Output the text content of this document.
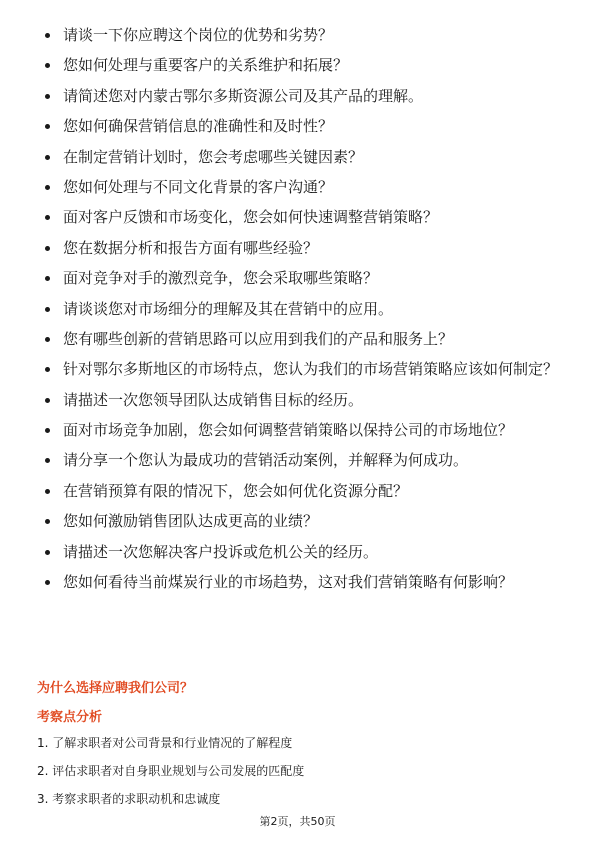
请谈一下你应聘这个岗位的优势和劣势？
您如何处理与重要客户的关系维护和拓展？
请简述您对内蒙古鄂尔多斯资源公司及其产品的理解。
您如何确保营销信息的准确性和及时性？
在制定营销计划时，您会考虑哪些关键因素？
您如何处理与不同文化背景的客户沟通？
面对客户反馈和市场变化，您会如何快速调整营销策略？
您在数据分析和报告方面有哪些经验？
面对竞争对手的激烈竞争，您会采取哪些策略？
请谈谈您对市场细分的理解及其在营销中的应用。
您有哪些创新的营销思路可以应用到我们的产品和服务上？
针对鄂尔多斯地区的市场特点，您认为我们的市场营销策略应该如何制定？
请描述一次您领导团队达成销售目标的经历。
面对市场竞争加剧，您会如何调整营销策略以保持公司的市场地位？
请分享一个您认为最成功的营销活动案例，并解释为何成功。
在营销预算有限的情况下，您会如何优化资源分配？
您如何激励销售团队达成更高的业绩？
请描述一次您解决客户投诉或危机公关的经历。
您如何看待当前煤炭行业的市场趋势，这对我们营销策略有何影响？
为什么选择应聘我们公司？
考察点分析
1. 了解求职者对公司背景和行业情况的了解程度
2. 评估求职者对自身职业规划与公司发展的匹配度
3. 考察求职者的求职动机和忠诚度
第2页，共50页
